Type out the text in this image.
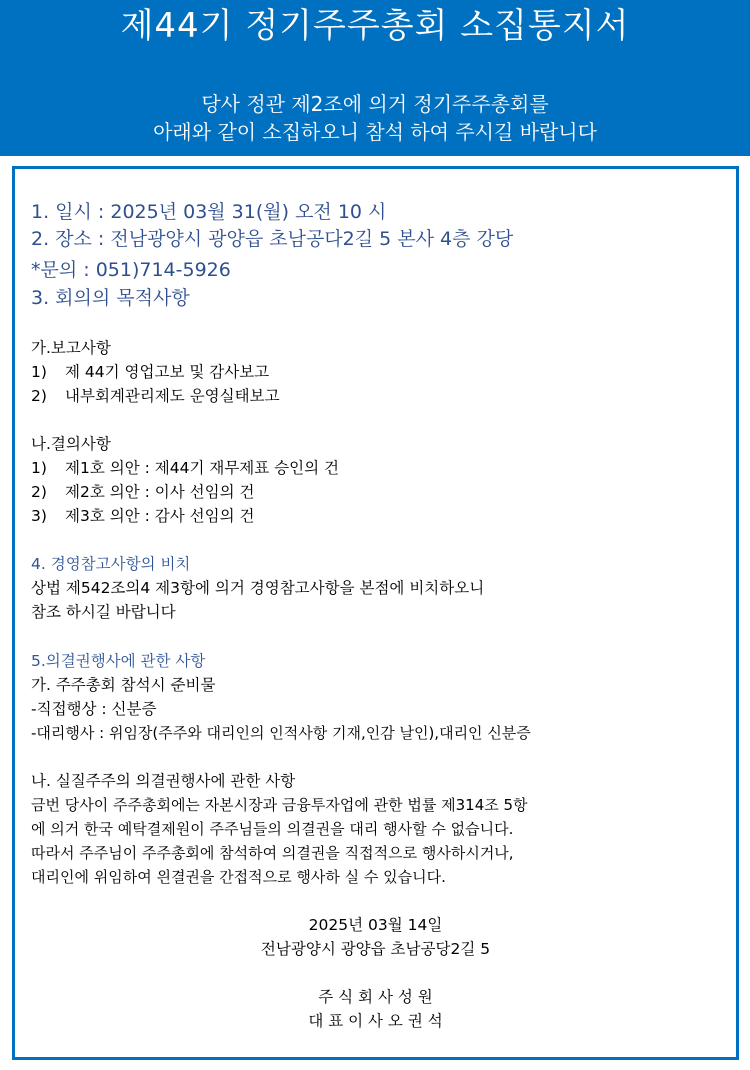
제44기 정기주주총회 소집통지서
당사 정관 제2조에 의거 정기주주총회를
아래와 같이 소집하오니 참석 하여 주시길 바랍니다
1. 일시 : 2025년 03월 31(월) 오전 10 시
2. 장소 : 전남광양시 광양읍 초남공다2길 5 본사 4층 강당
*문의 : 051)714-5926
3. 회의의 목적사항
가.보고사항
1) 제 44기 영업고보 및 감사보고
2) 내부회계관리제도 운영실태보고
나.결의사항
1) 제1호 의안 : 제44기 재무제표 승인의 건
2) 제2호 의안 : 이사 선임의 건
3) 제3호 의안 : 감사 선임의 건
4. 경영참고사항의 비치
상법 제542조의4 제3항에 의거 경영참고사항을 본점에 비치하오니
참조 하시길 바랍니다
5.의결권행사에 관한 사항
가. 주주총회 참석시 준비물
-직접행상 : 신분증
-대리행사 : 위임장(주주와 대리인의 인적사항 기재,인감 날인),대리인 신분증
나. 실질주주의 의결권행사에 관한 사항
금번 당사이 주주총회에는 자본시장과 금융투자업에 관한 법률 제314조 5항
에 의거 한국 예탁결제원이 주주님들의 의결권을 대리 행사할 수 없습니다.
따라서 주주님이 주주총회에 참석하여 의결권을 직접적으로 행사하시거나,
대리인에 위임하여 읜결권을 간접적으로 행사하 실 수 있습니다.
2025년 03월 14일
전남광양시 광양읍 초남공당2길 5
주 식 회 사 성 원
대 표 이 사 오 권 석
